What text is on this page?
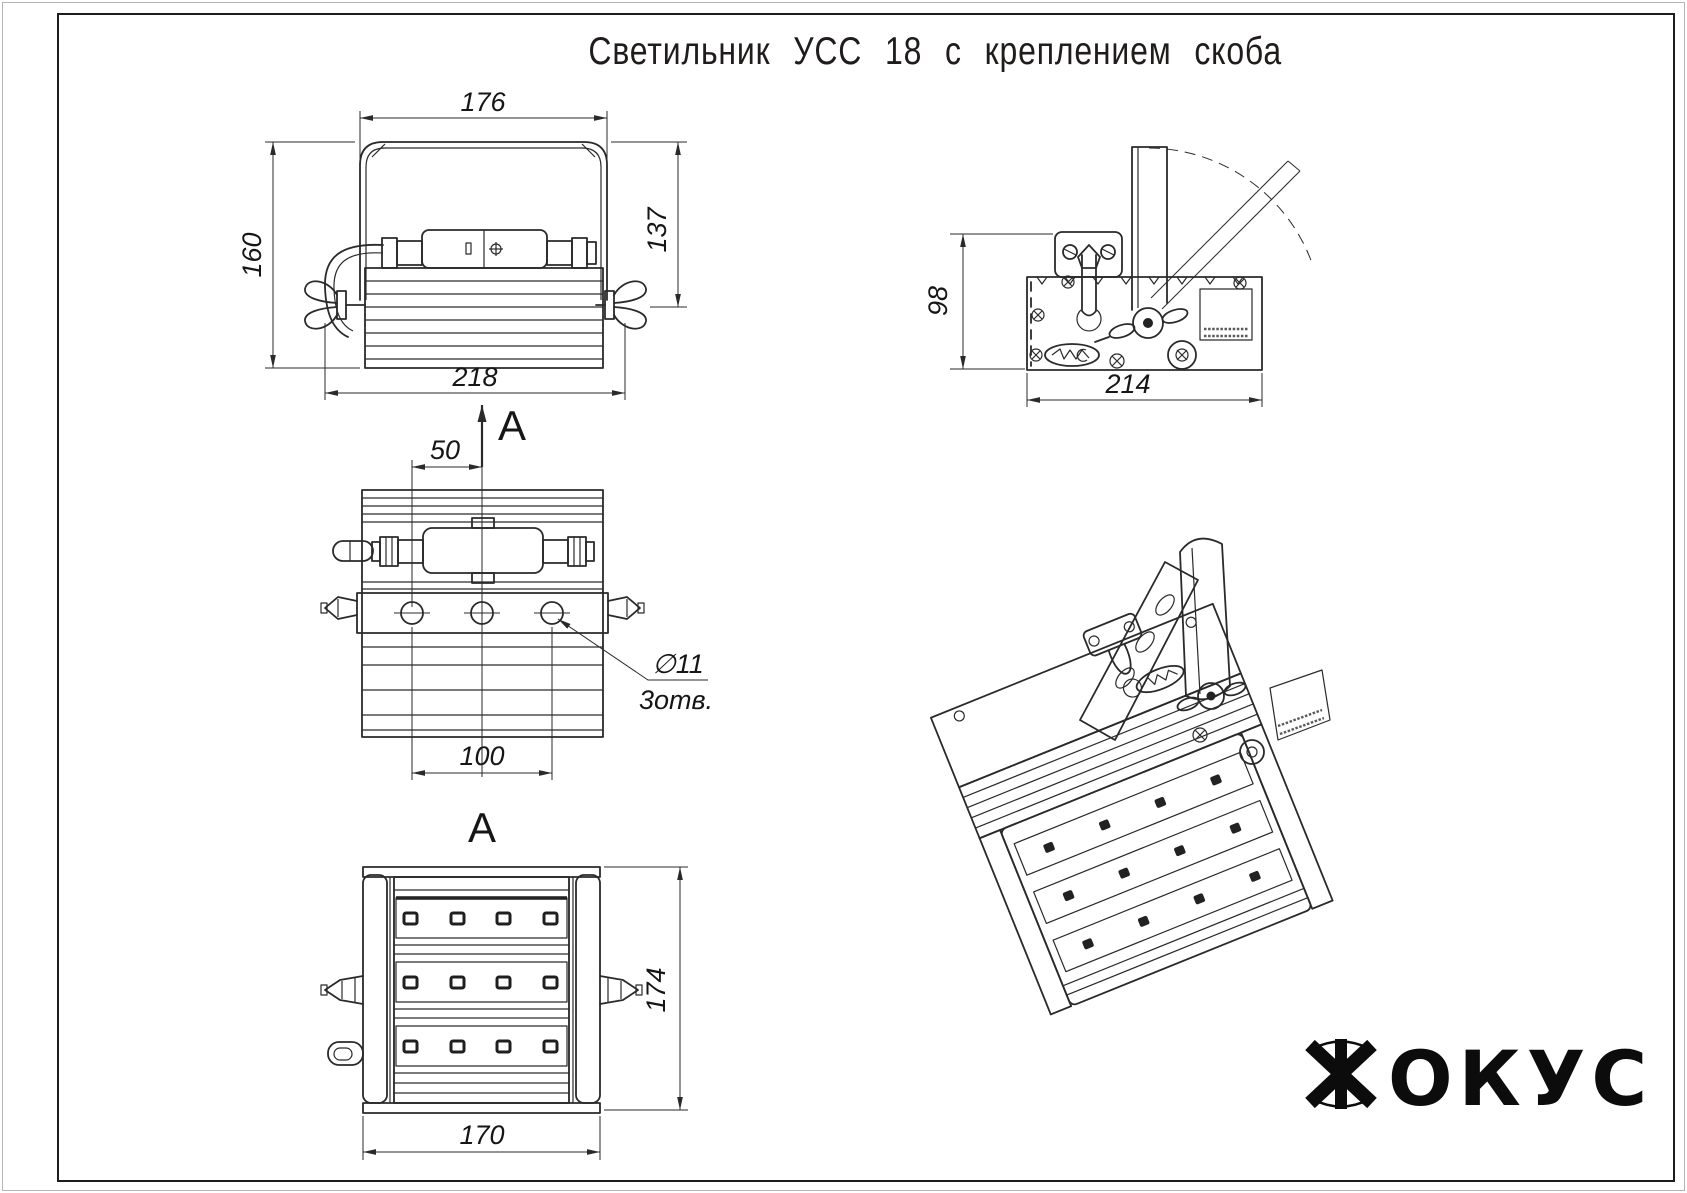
Светильник УСС 18 с креплением скоба
176
160
137
218
98
214
A
50
∅11
3отв.
100
A
174
170
ОКУС
